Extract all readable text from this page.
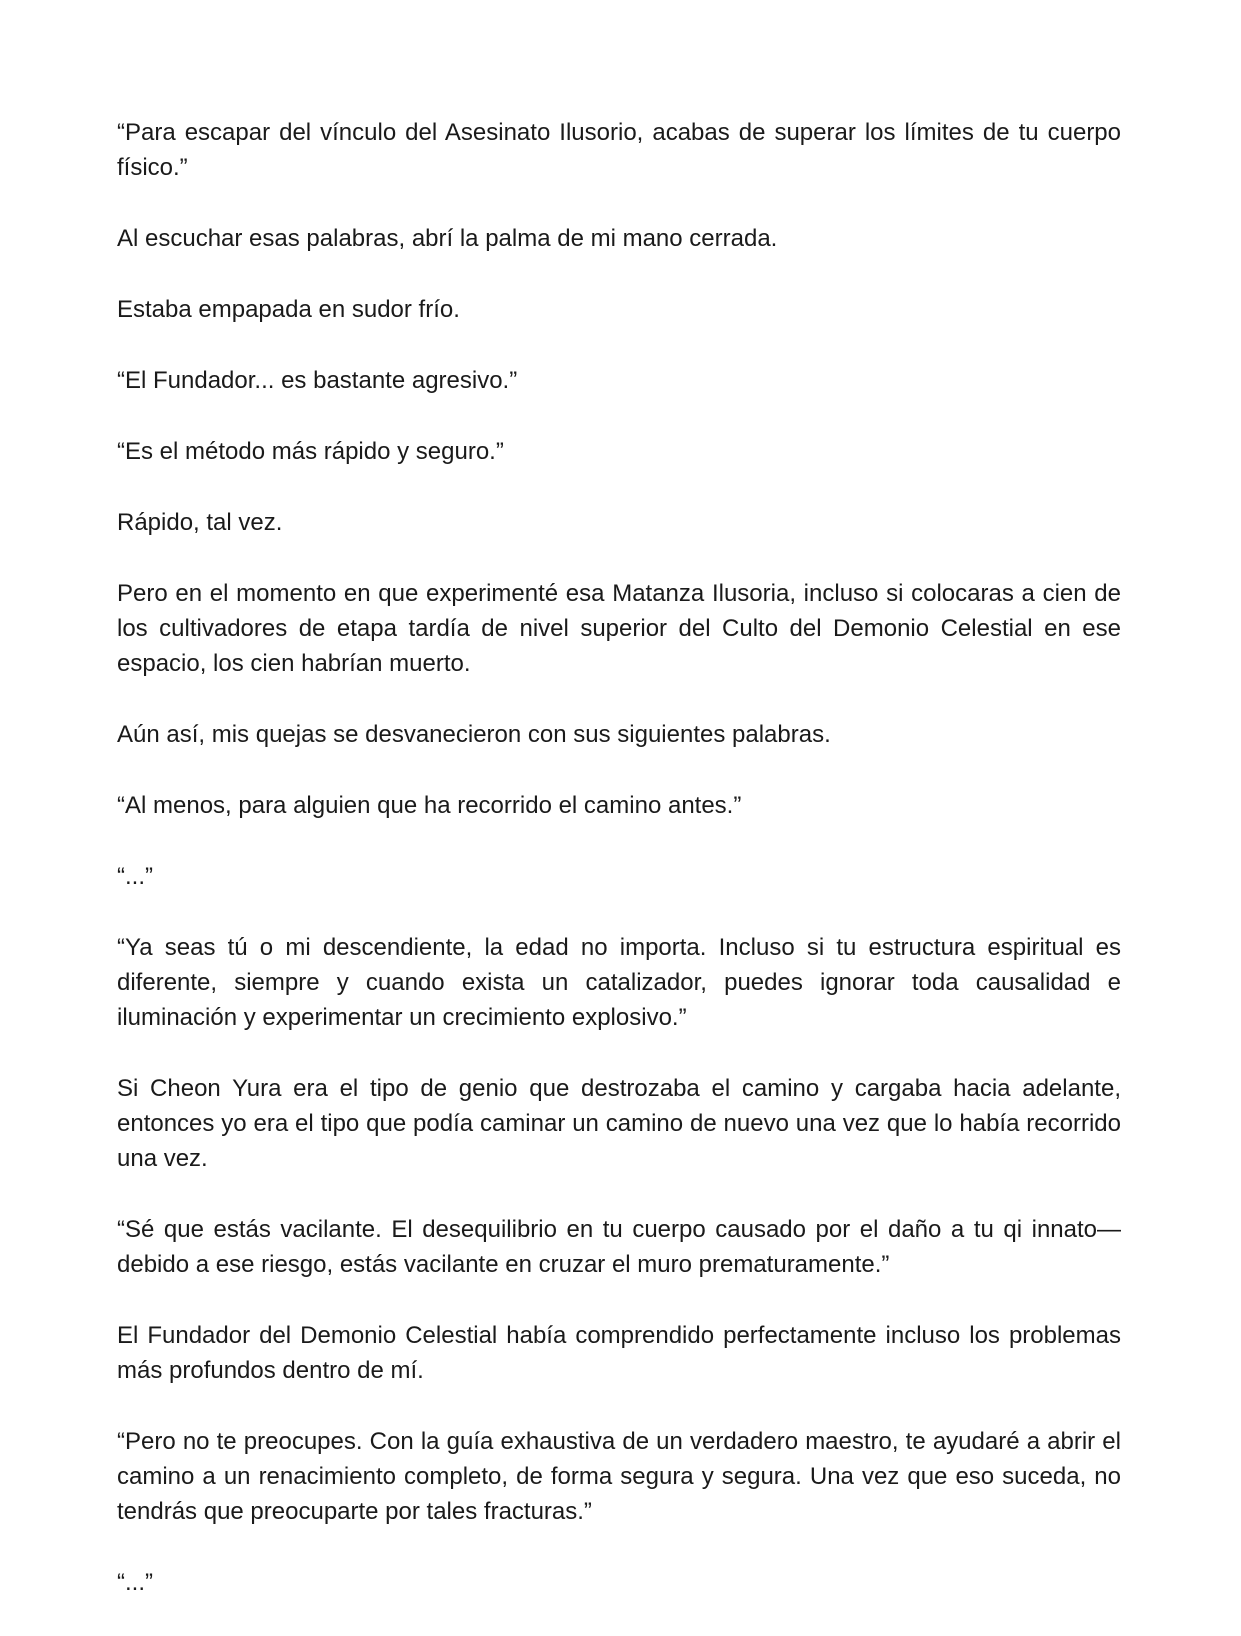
“Para escapar del vínculo del Asesinato Ilusorio, acabas de superar los límites de tu cuerpo físico.”

Al escuchar esas palabras, abrí la palma de mi mano cerrada.

Estaba empapada en sudor frío.

“El Fundador... es bastante agresivo.”

“Es el método más rápido y seguro.”

Rápido, tal vez.

Pero en el momento en que experimenté esa Matanza Ilusoria, incluso si colocaras a cien de los cultivadores de etapa tardía de nivel superior del Culto del Demonio Celestial en ese espacio, los cien habrían muerto.

Aún así, mis quejas se desvanecieron con sus siguientes palabras.

“Al menos, para alguien que ha recorrido el camino antes.”

“...”

“Ya seas tú o mi descendiente, la edad no importa. Incluso si tu estructura espiritual es diferente, siempre y cuando exista un catalizador, puedes ignorar toda causalidad e iluminación y experimentar un crecimiento explosivo.”

Si Cheon Yura era el tipo de genio que destrozaba el camino y cargaba hacia adelante, entonces yo era el tipo que podía caminar un camino de nuevo una vez que lo había recorrido una vez.

“Sé que estás vacilante. El desequilibrio en tu cuerpo causado por el daño a tu qi innato—debido a ese riesgo, estás vacilante en cruzar el muro prematuramente.”

El Fundador del Demonio Celestial había comprendido perfectamente incluso los problemas más profundos dentro de mí.

“Pero no te preocupes. Con la guía exhaustiva de un verdadero maestro, te ayudaré a abrir el camino a un renacimiento completo, de forma segura y segura. Una vez que eso suceda, no tendrás que preocuparte por tales fracturas.”

“...”
